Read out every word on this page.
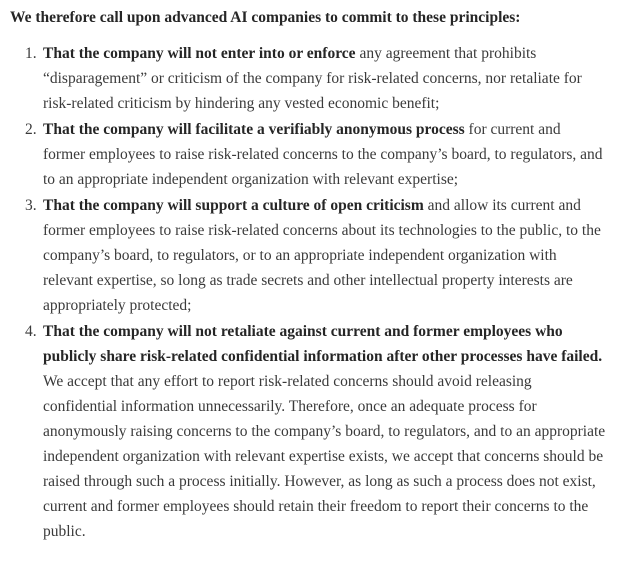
We therefore call upon advanced AI companies to commit to these principles:

1. That the company will not enter into or enforce any agreement that prohibits “disparagement” or criticism of the company for risk-related concerns, nor retaliate for risk-related criticism by hindering any vested economic benefit;
2. That the company will facilitate a verifiably anonymous process for current and former employees to raise risk-related concerns to the company’s board, to regulators, and to an appropriate independent organization with relevant expertise;
3. That the company will support a culture of open criticism and allow its current and former employees to raise risk-related concerns about its technologies to the public, to the company’s board, to regulators, or to an appropriate independent organization with relevant expertise, so long as trade secrets and other intellectual property interests are appropriately protected;
4. That the company will not retaliate against current and former employees who publicly share risk-related confidential information after other processes have failed. We accept that any effort to report risk-related concerns should avoid releasing confidential information unnecessarily. Therefore, once an adequate process for anonymously raising concerns to the company’s board, to regulators, and to an appropriate independent organization with relevant expertise exists, we accept that concerns should be raised through such a process initially. However, as long as such a process does not exist, current and former employees should retain their freedom to report their concerns to the public.
